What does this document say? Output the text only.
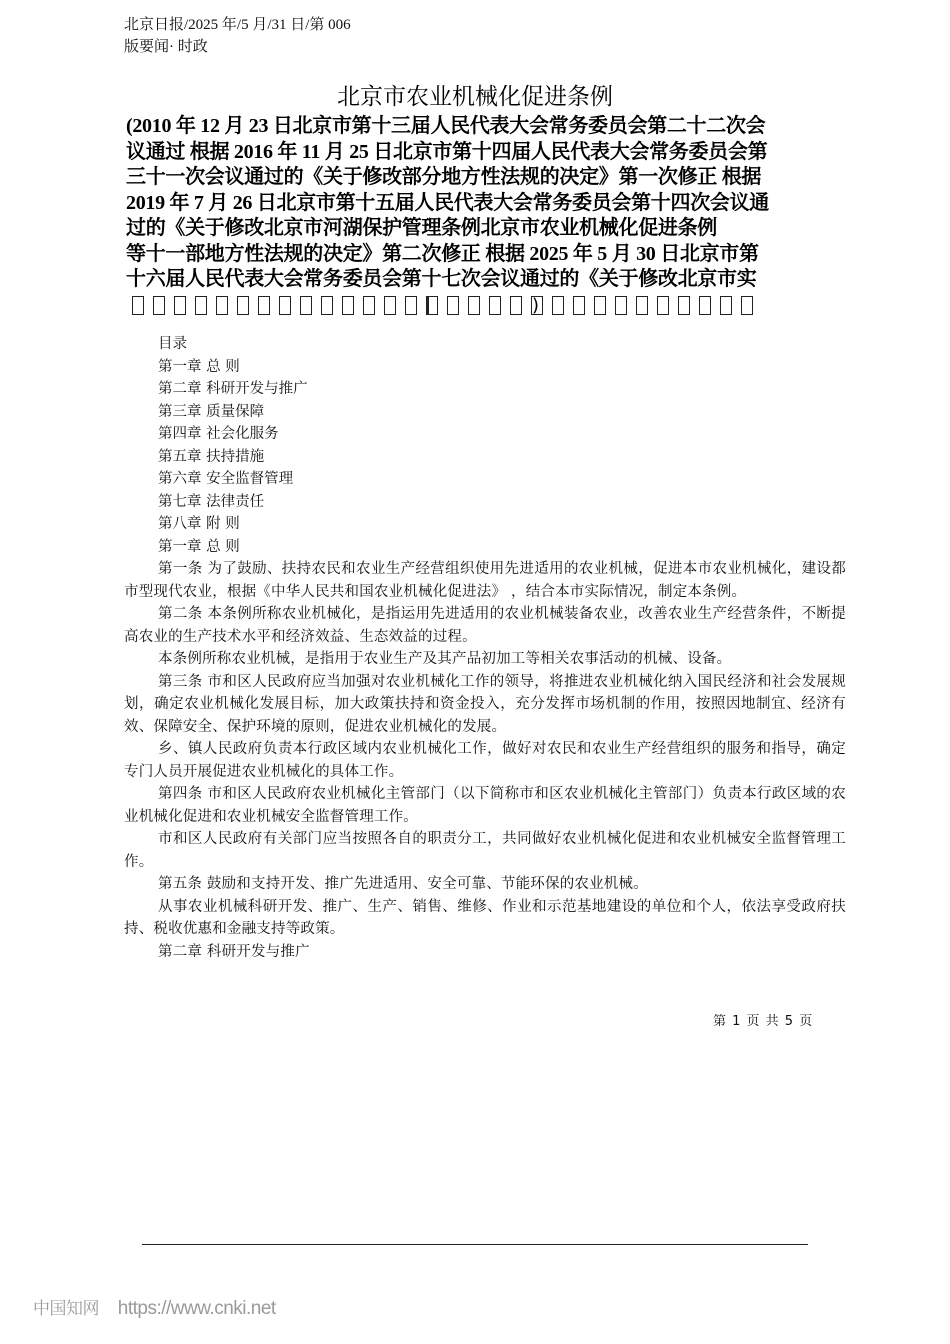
北京日报/2025 年/5 月/31 日/第 006
版要闻· 时政
北京市农业机械化促进条例
(2010 年 12 月 23 日北京市第十三届人民代表大会常务委员会第二十二次会
议通过 根据 2016 年 11 月 25 日北京市第十四届人民代表大会常务委员会第
三十一次会议通过的《关于修改部分地方性法规的决定》第一次修正 根据
2019 年 7 月 26 日北京市第十五届人民代表大会常务委员会第十四次会议通
过的《关于修改北京市河湖保护管理条例北京市农业机械化促进条例
等十一部地方性法规的决定》第二次修正 根据 2025 年 5 月 30 日北京市第
十六届人民代表大会常务委员会第十七次会议通过的《关于修改北京市实
)
目录
第一章 总 则
第二章 科研开发与推广
第三章 质量保障
第四章 社会化服务
第五章 扶持措施
第六章 安全监督管理
第七章 法律责任
第八章 附 则
第一章 总 则
第一条 为了鼓励、扶持农民和农业生产经营组织使用先进适用的农业机械，促进本市农业机械化，建设都市型现代农业，根据《中华人民共和国农业机械化促进法》 ，结合本市实际情况，制定本条例。
第二条 本条例所称农业机械化，是指运用先进适用的农业机械装备农业，改善农业生产经营条件，不断提高农业的生产技术水平和经济效益、生态效益的过程。
本条例所称农业机械，是指用于农业生产及其产品初加工等相关农事活动的机械、设备。
第三条 市和区人民政府应当加强对农业机械化工作的领导，将推进农业机械化纳入国民经济和社会发展规划，确定农业机械化发展目标，加大政策扶持和资金投入，充分发挥市场机制的作用，按照因地制宜、经济有效、保障安全、保护环境的原则，促进农业机械化的发展。
乡、镇人民政府负责本行政区域内农业机械化工作，做好对农民和农业生产经营组织的服务和指导，确定专门人员开展促进农业机械化的具体工作。
第四条 市和区人民政府农业机械化主管部门（以下简称市和区农业机械化主管部门）负责本行政区域的农业机械化促进和农业机械安全监督管理工作。
市和区人民政府有关部门应当按照各自的职责分工，共同做好农业机械化促进和农业机械安全监督管理工作。
第五条 鼓励和支持开发、推广先进适用、安全可靠、节能环保的农业机械。
从事农业机械科研开发、推广、生产、销售、维修、作业和示范基地建设的单位和个人，依法享受政府扶持、税收优惠和金融支持等政策。
第二章 科研开发与推广
第 1 页 共 5 页
中国知网 https://www.cnki.net
